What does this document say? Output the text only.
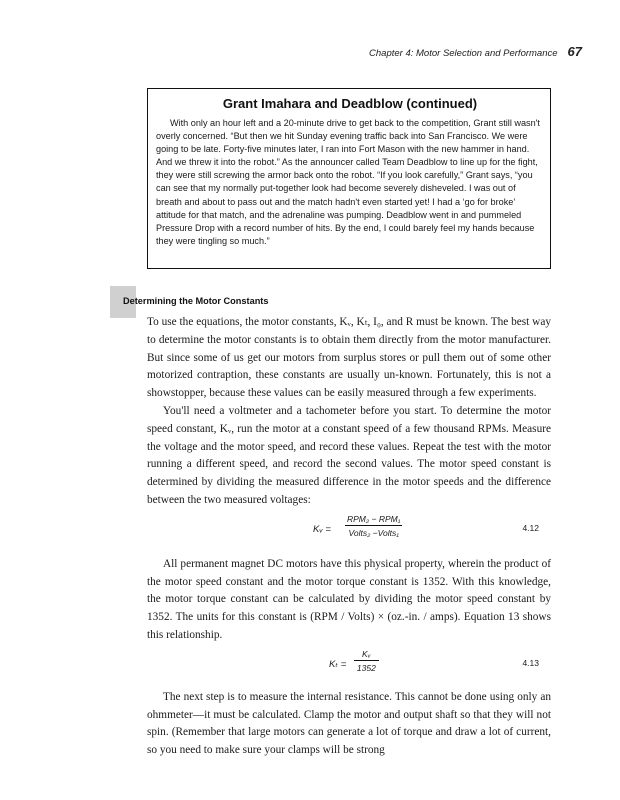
Chapter 4: Motor Selection and Performance 67

Grant Imahara and Deadblow (continued)

With only an hour left and a 20-minute drive to get back to the competition, Grant still wasn't overly concerned. “But then we hit Sunday evening traffic back into San Francisco. We were going to be late. Forty-five minutes later, I ran into Fort Mason with the new hammer in hand. And we threw it into the robot.” As the announcer called Team Deadblow to line up for the fight, they were still screwing the armor back onto the robot. “If you look carefully,” Grant says, “you can see that my normally put-together look had become severely disheveled. I was out of breath and about to pass out and the match hadn't even started yet! I had a ‘go for broke’ attitude for that match, and the adrenaline was pumping. Deadblow went in and pummeled Pressure Drop with a record number of hits. By the end, I could barely feel my hands because they were tingling so much.”

Determining the Motor Constants

To use the equations, the motor constants, Kᵥ, Kₜ, I₀, and R must be known. The best way to determine the motor constants is to obtain them directly from the motor manufacturer. But since some of us get our motors from surplus stores or pull them out of some other motorized contraption, these constants are usually un-known. Fortunately, this is not a showstopper, because these values can be easily measured through a few experiments.

You'll need a voltmeter and a tachometer before you start. To determine the motor speed constant, Kᵥ, run the motor at a constant speed of a few thousand RPMs. Measure the voltage and the motor speed, and record these values. Repeat the test with the motor running a different speed, and record the second values. The motor speed constant is determined by dividing the measured difference in the motor speeds and the difference between the two measured voltages:

Kᵥ =
RPM₂ − RPM₁
Volts₂ −Volts₁	4.12

All permanent magnet DC motors have this physical property, wherein the product of the motor speed constant and the motor torque constant is 1352. With this knowledge, the motor torque constant can be calculated by dividing the motor speed constant by 1352. The units for this constant is (RPM / Volts) × (oz.-in. / amps). Equation 13 shows this relationship.

$K_t = \frac{\text{Kᵥ}}{1352}$	4.13

The next step is to measure the internal resistance. This cannot be done using only an ohmmeter—it must be calculated. Clamp the motor and output shaft so that they will not spin. (Remember that large motors can generate a lot of torque and draw a lot of current, so you need to make sure your clamps will be strong
